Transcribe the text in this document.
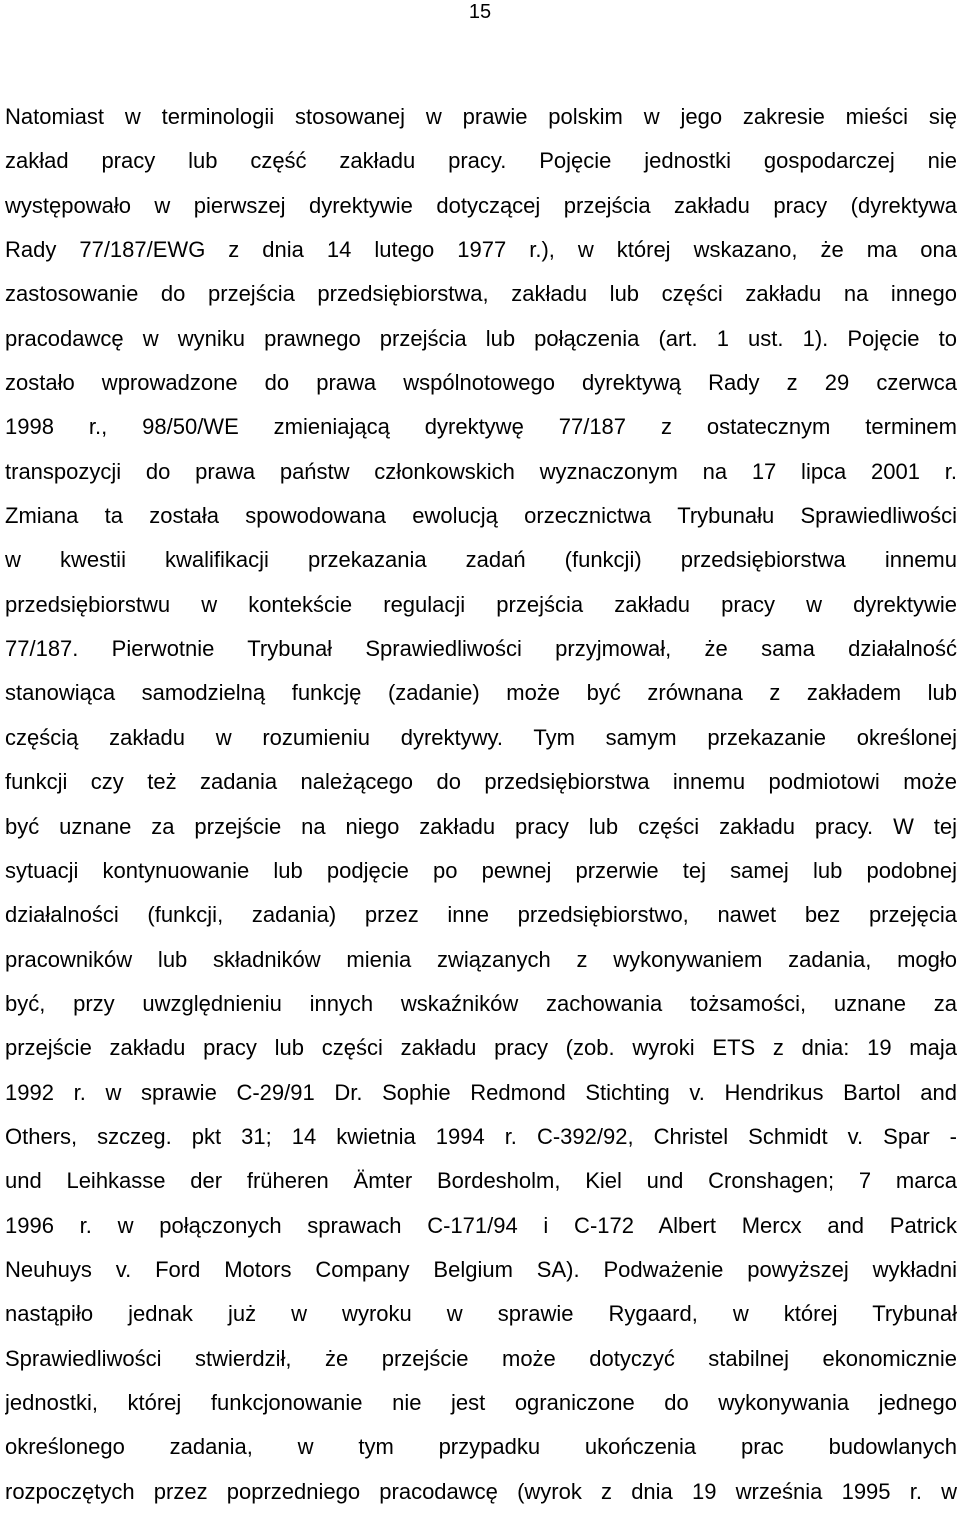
15
Natomiast w terminologii stosowanej w prawie polskim w jego zakresie mieści się
zakład pracy lub część zakładu pracy. Pojęcie jednostki gospodarczej nie
występowało w pierwszej dyrektywie dotyczącej przejścia zakładu pracy (dyrektywa
Rady 77/187/EWG z dnia 14 lutego 1977 r.), w której wskazano, że ma ona
zastosowanie do przejścia przedsiębiorstwa, zakładu lub części zakładu na innego
pracodawcę w wyniku prawnego przejścia lub połączenia (art. 1 ust. 1). Pojęcie to
zostało wprowadzone do prawa wspólnotowego dyrektywą Rady z 29 czerwca
1998 r., 98/50/WE zmieniającą dyrektywę 77/187 z ostatecznym terminem
transpozycji do prawa państw członkowskich wyznaczonym na 17 lipca 2001 r.
Zmiana ta została spowodowana ewolucją orzecznictwa Trybunału Sprawiedliwości
w kwestii kwalifikacji przekazania zadań (funkcji) przedsiębiorstwa innemu
przedsiębiorstwu w kontekście regulacji przejścia zakładu pracy w dyrektywie
77/187. Pierwotnie Trybunał Sprawiedliwości przyjmował, że sama działalność
stanowiąca samodzielną funkcję (zadanie) może być zrównana z zakładem lub
częścią zakładu w rozumieniu dyrektywy. Tym samym przekazanie określonej
funkcji czy też zadania należącego do przedsiębiorstwa innemu podmiotowi może
być uznane za przejście na niego zakładu pracy lub części zakładu pracy. W tej
sytuacji kontynuowanie lub podjęcie po pewnej przerwie tej samej lub podobnej
działalności (funkcji, zadania) przez inne przedsiębiorstwo, nawet bez przejęcia
pracowników lub składników mienia związanych z wykonywaniem zadania, mogło
być, przy uwzględnieniu innych wskaźników zachowania tożsamości, uznane za
przejście zakładu pracy lub części zakładu pracy (zob. wyroki ETS z dnia: 19 maja
1992 r. w sprawie C-29/91 Dr. Sophie Redmond Stichting v. Hendrikus Bartol and
Others, szczeg. pkt 31; 14 kwietnia 1994 r. C-392/92, Christel Schmidt v. Spar -
und Leihkasse der früheren Ämter Bordesholm, Kiel und Cronshagen; 7 marca
1996 r. w połączonych sprawach C-171/94 i C-172 Albert Mercx and Patrick
Neuhuys v. Ford Motors Company Belgium SA). Podważenie powyższej wykładni
nastąpiło jednak już w wyroku w sprawie Rygaard, w której Trybunał
Sprawiedliwości stwierdził, że przejście może dotyczyć stabilnej ekonomicznie
jednostki, której funkcjonowanie nie jest ograniczone do wykonywania jednego
określonego zadania, w tym przypadku ukończenia prac budowlanych
rozpoczętych przez poprzedniego pracodawcę (wyrok z dnia 19 września 1995 r. w
